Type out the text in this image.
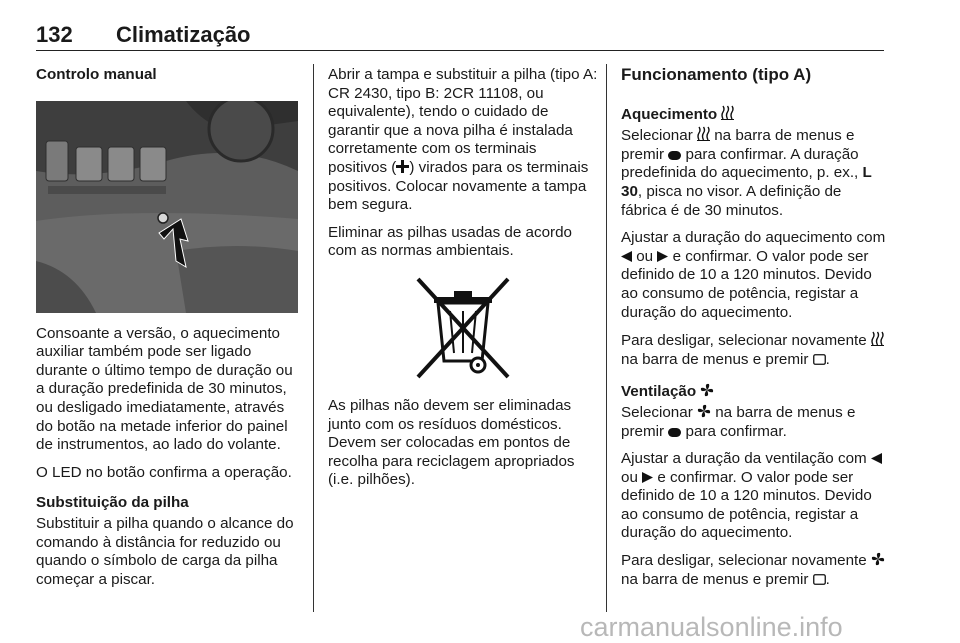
132 Climatização
Controlo manual

Consoante a versão, o aquecimento auxiliar também pode ser ligado durante o último tempo de duração ou a duração predefinida de 30 minutos, ou desligado imediatamente, através do botão na metade inferior do painel de instrumentos, ao lado do volante.

O LED no botão confirma a operação.

Substituição da pilha

Substituir a pilha quando o alcance do comando à distância for reduzido ou quando o símbolo de carga da pilha começar a piscar.

Abrir a tampa e substituir a pilha (tipo A: CR 2430, tipo B: 2CR 11108, ou equivalente), tendo o cuidado de garantir que a nova pilha é instalada corretamente com os terminais positivos ( ) virados para os terminais positivos. Colocar novamente a tampa bem segura.

Eliminar as pilhas usadas de acordo com as normas ambientais.

As pilhas não devem ser eliminadas junto com os resíduos domésticos. Devem ser colocadas em pontos de recolha para reciclagem apropriados (i.e. pilhões).

Funcionamento (tipo A)
Aquecimento

Selecionar na barra de menus e premir para confirmar. A duração predefinida do aquecimento, p. ex., L 30, pisca no visor. A definição de fábrica é de 30 minutos.

Ajustar a duração do aquecimento com
ou e confirmar. O valor pode ser definido de 10 a 120 minutos. Devido ao consumo de potência, registar a duração do aquecimento.

Para desligar, selecionar novamente
na barra de menus e premir .

Ventilação

Selecionar na barra de menus e premir para confirmar.

Ajustar a duração da ventilação com
ou e confirmar. O valor pode ser definido de 10 a 120 minutos. Devido ao consumo de potência, registar a duração do aquecimento.

Para desligar, selecionar novamente
na barra de menus e premir .

carmanualsonline.info
